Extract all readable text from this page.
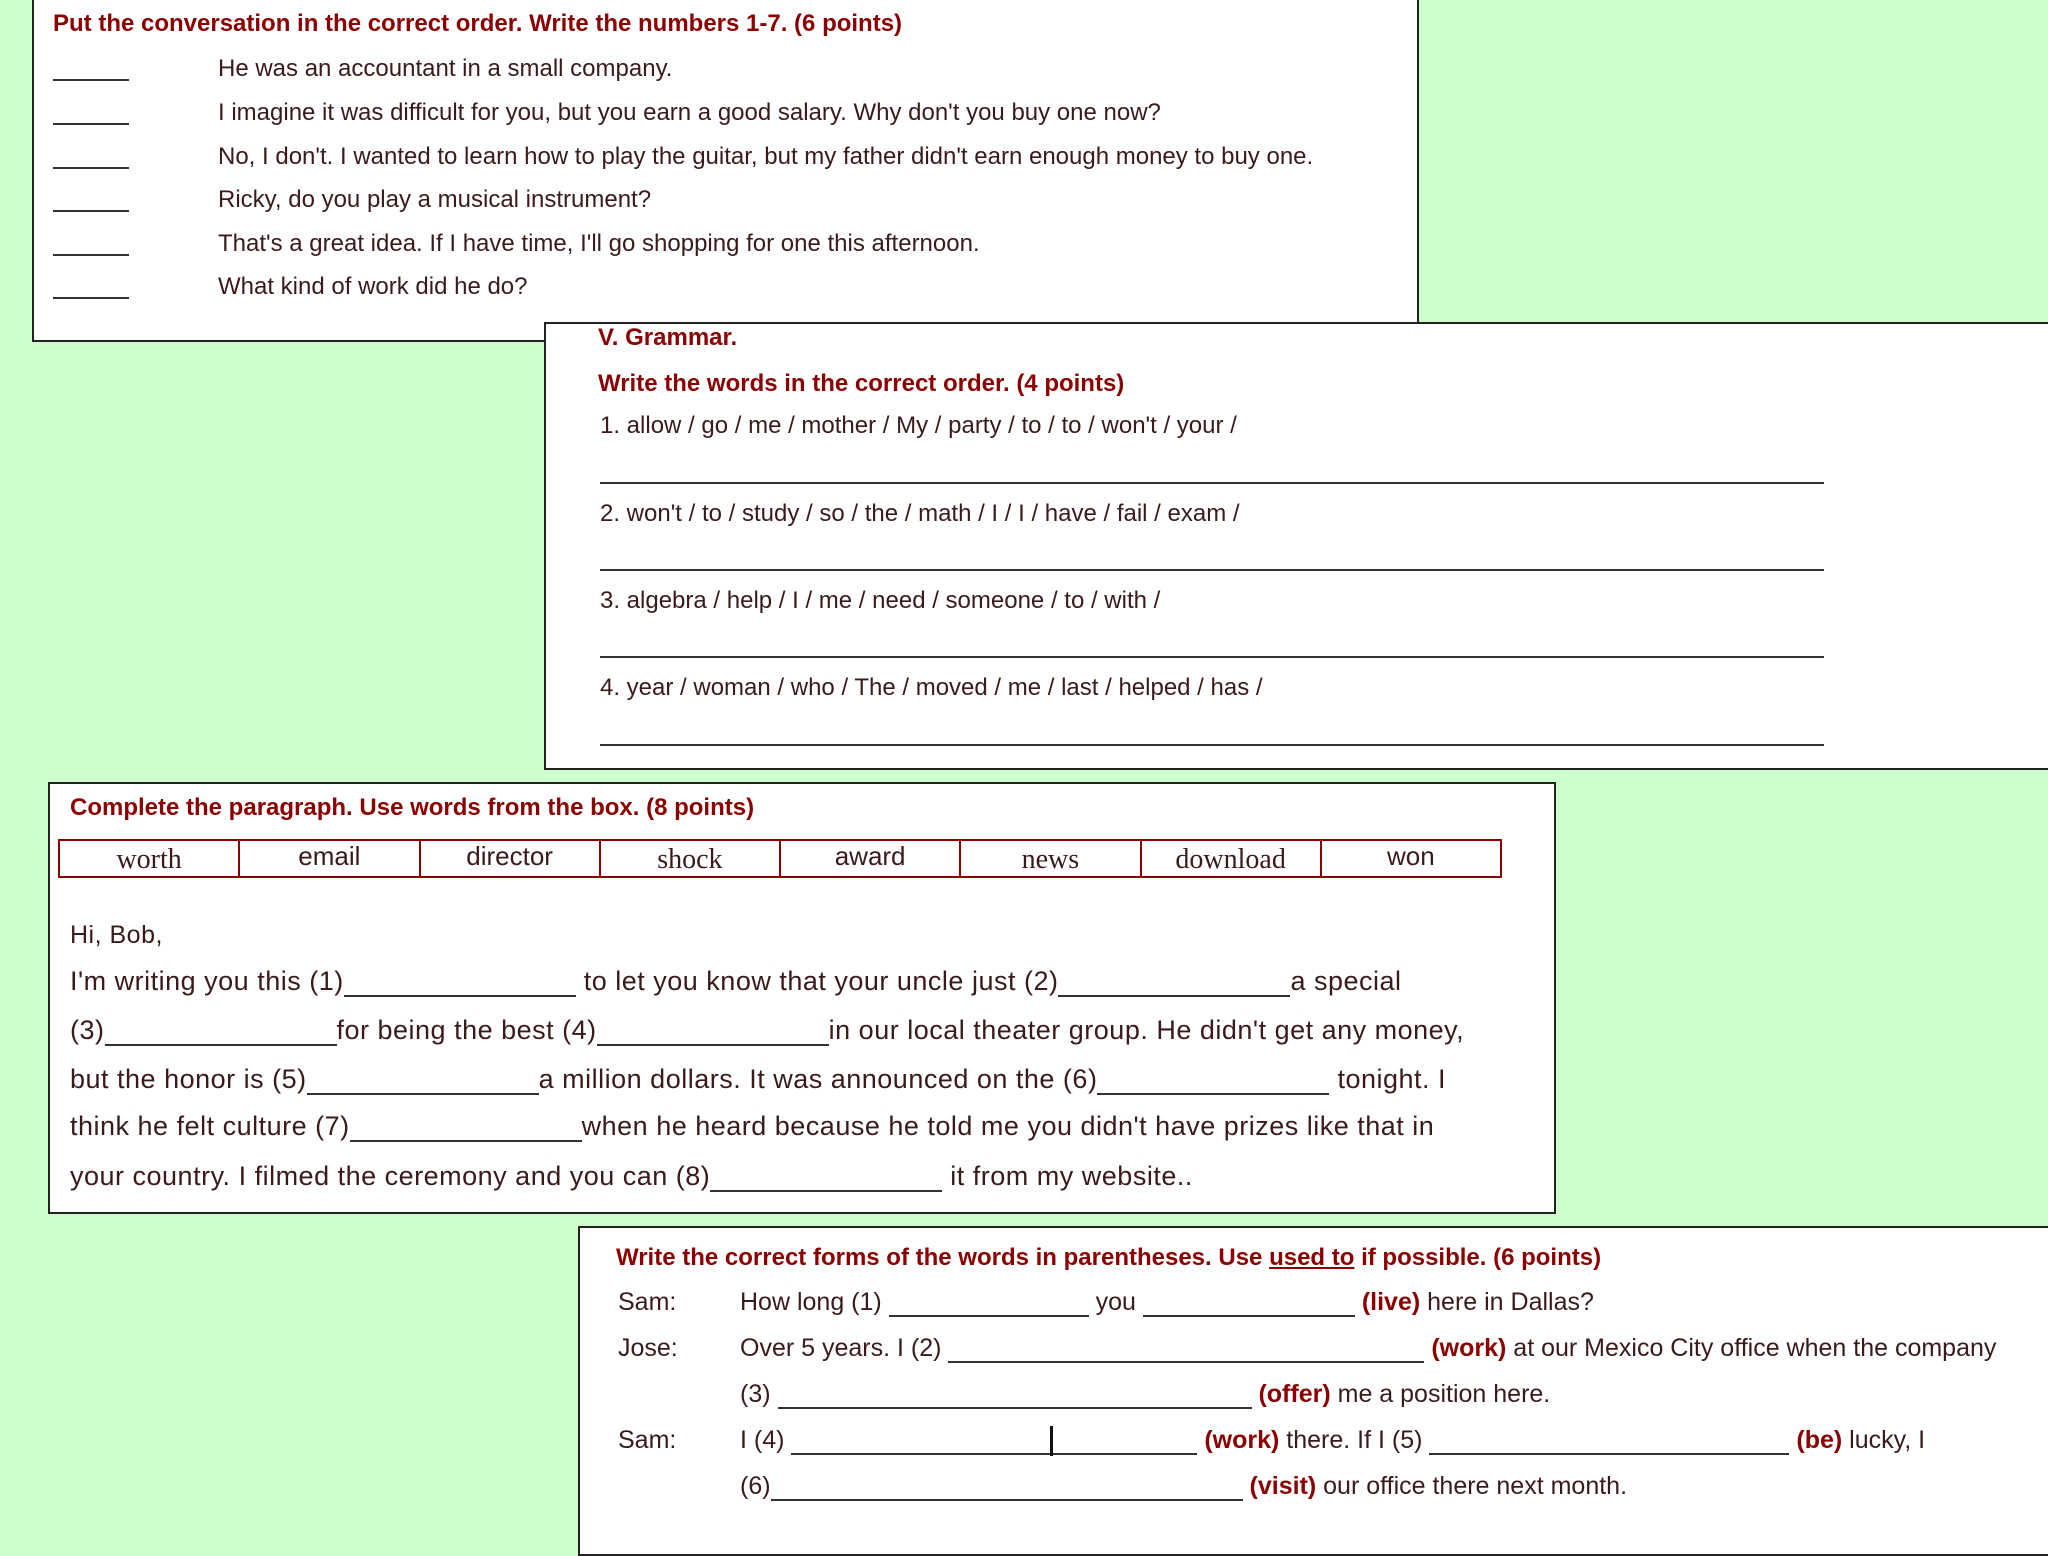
Put the conversation in the correct order. Write the numbers 1-7. (6 points)
He was an accountant in a small company.
I imagine it was difficult for you, but you earn a good salary. Why don't you buy one now?
No, I don't. I wanted to learn how to play the guitar, but my father didn't earn enough money to buy one.
Ricky, do you play a musical instrument?
That's a great idea. If I have time, I'll go shopping for one this afternoon.
What kind of work did he do?
V. Grammar.
Write the words in the correct order. (4 points)
1. allow / go / me / mother / My / party / to / to / won't / your /
2. won't / to / study / so / the / math / I / I / have / fail / exam /
3. algebra / help / I / me / need / someone / to / with /
4. year / woman / who / The / moved / me / last / helped / has /
Complete the paragraph. Use words from the box. (8 points)
worth	email	director	shock	award	news	download	won
Hi, Bob,
I'm writing you this (1)	to let you know that your uncle just (2)	a special
(3)	for being the best (4)	in our local theater group. He didn't get any money,
but the honor is (5)	a million dollars. It was announced on the (6)	tonight. I
think he felt culture (7)	when he heard because he told me you didn't have prizes like that in
your country. I filmed the ceremony and you can (8)	it from my website..
Write the correct forms of the words in parentheses. Use used to if possible. (6 points)
Sam:	How long (1)	you	(live) here in Dallas?
Jose: Over 5 years. I (2)	(work) at our Mexico City office when the company
(3)	(offer) me a position here.
Sam:	I (4)	(work) there. If I (5)	(be) lucky, I
(6)	(visit) our office there next month.
